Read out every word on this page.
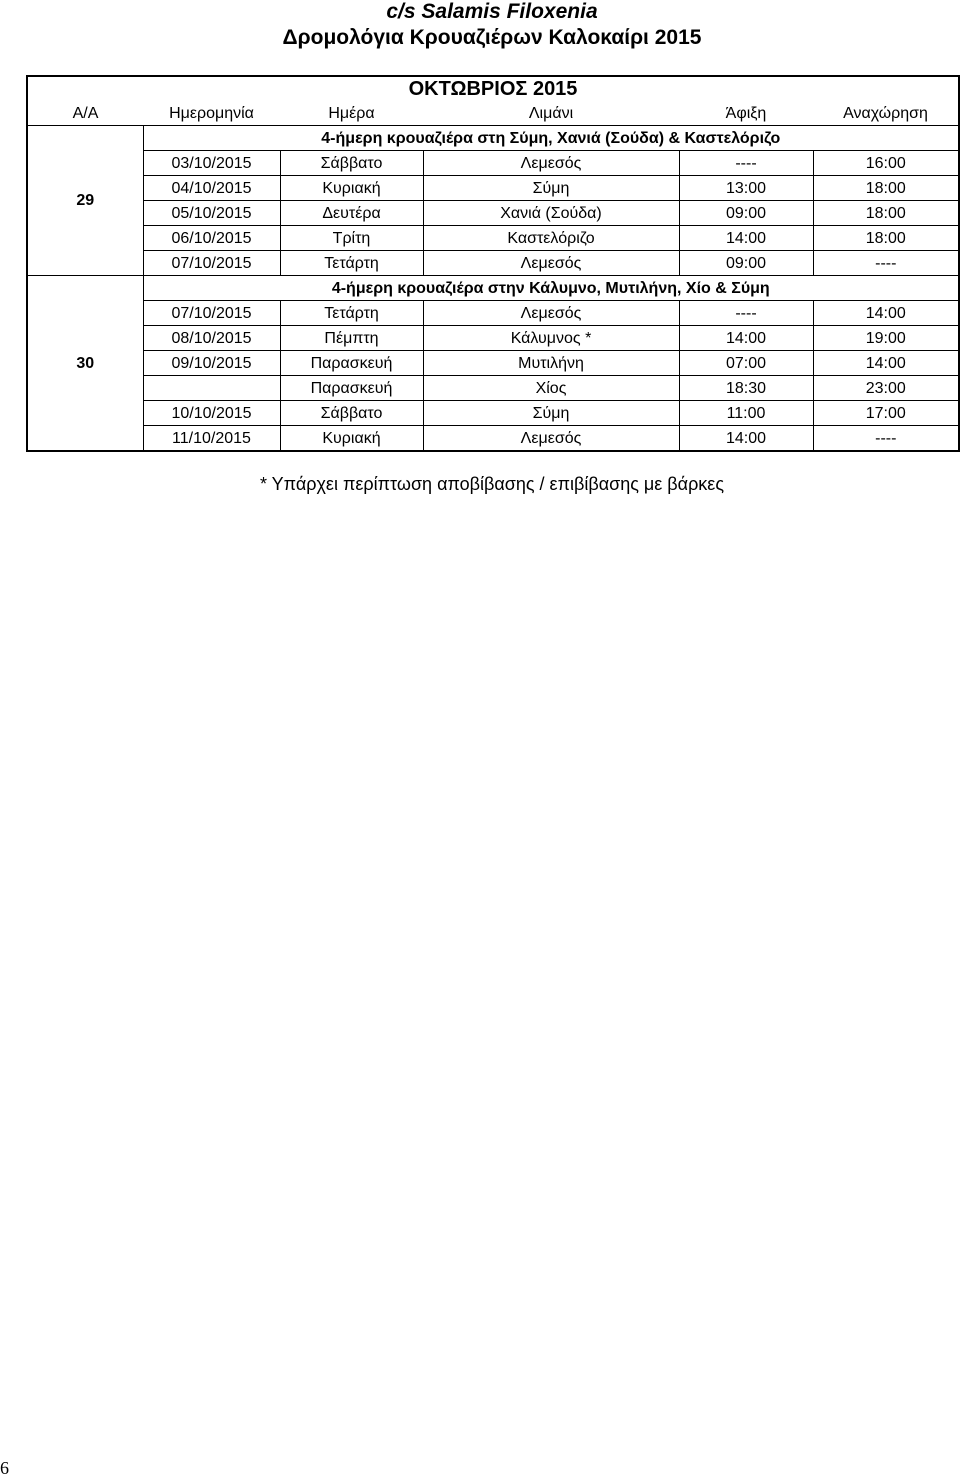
c/s Salamis Filoxenia
Δρομολόγια Κρουαζιέρων Καλοκαίρι 2015
ΟΚΤΩΒΡΙΟΣ 2015					
Α/Α	Ημερομηνία	Ημέρα	Λιμάνι	Άφιξη	Αναχώρηση
29	4-ήμερη κρουαζιέρα στη Σύμη, Χανιά (Σούδα) & Καστελόριζο				
	03/10/2015	Σάββατο	Λεμεσός	----	16:00
	04/10/2015	Κυριακή	Σύμη	13:00	18:00
	05/10/2015	Δευτέρα	Χανιά (Σούδα)	09:00	18:00
	06/10/2015	Τρίτη	Καστελόριζο	14:00	18:00
	07/10/2015	Τετάρτη	Λεμεσός	09:00	----
30	4-ήμερη κρουαζιέρα στην Κάλυμνο, Μυτιλήνη, Χίο & Σύμη				
	07/10/2015	Τετάρτη	Λεμεσός	----	14:00
	08/10/2015	Πέμπτη	Κάλυμνος *	14:00	19:00
	09/10/2015	Παρασκευή	Μυτιλήνη	07:00	14:00
		Παρασκευή	Χίος	18:30	23:00
	10/10/2015	Σάββατο	Σύμη	11:00	17:00
	11/10/2015	Κυριακή	Λεμεσός	14:00	----
* Υπάρχει περίπτωση αποβίβασης / επιβίβασης με βάρκες
6
